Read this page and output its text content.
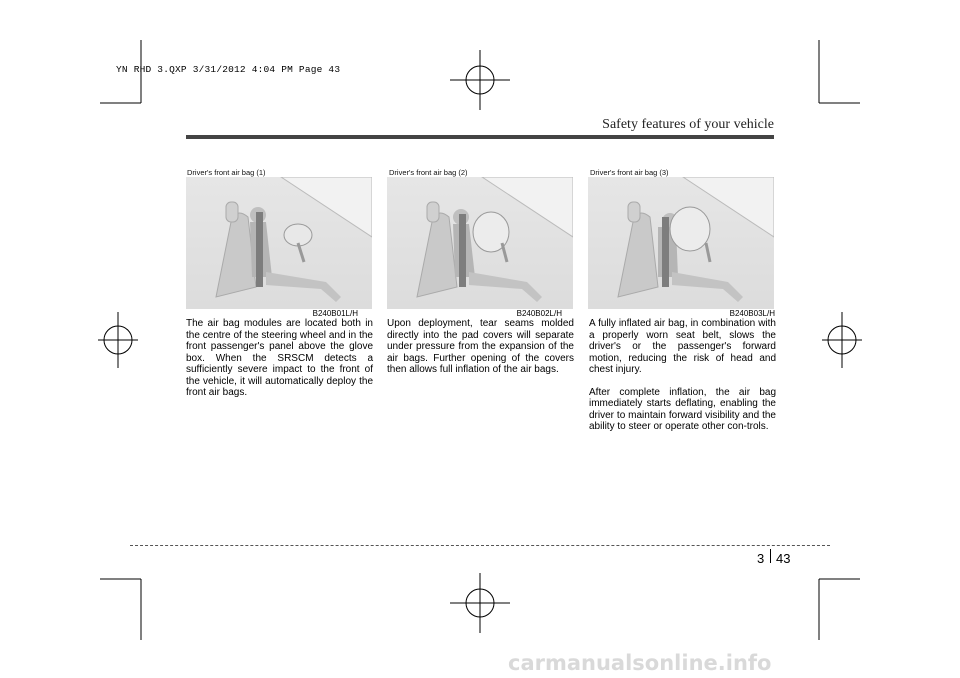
YN RHD 3.QXP 3/31/2012 4:04 PM Page 43
Safety features of your vehicle
Driver's front air bag (1)
B240B01L/H

The air bag modules are located both in the centre of the steering wheel and in the front passenger's panel above the glove box. When the SRSCM detects a sufficiently severe impact to the front of the vehicle, it will automatically deploy the front air bags.

Driver's front air bag (2)
B240B02L/H

Upon deployment, tear seams molded directly into the pad covers will separate under pressure from the expansion of the air bags. Further opening of the covers then allows full inflation of the air bags.

Driver's front air bag (3)
B240B03L/H

A fully inflated air bag, in combination with a properly worn seat belt, slows the driver's or the passenger's forward motion, reducing the risk of head and chest injury.

After complete inflation, the air bag immediately starts deflating, enabling the driver to maintain forward visibility and the ability to steer or operate other con-trols.

3 43
carmanualsonline.info
